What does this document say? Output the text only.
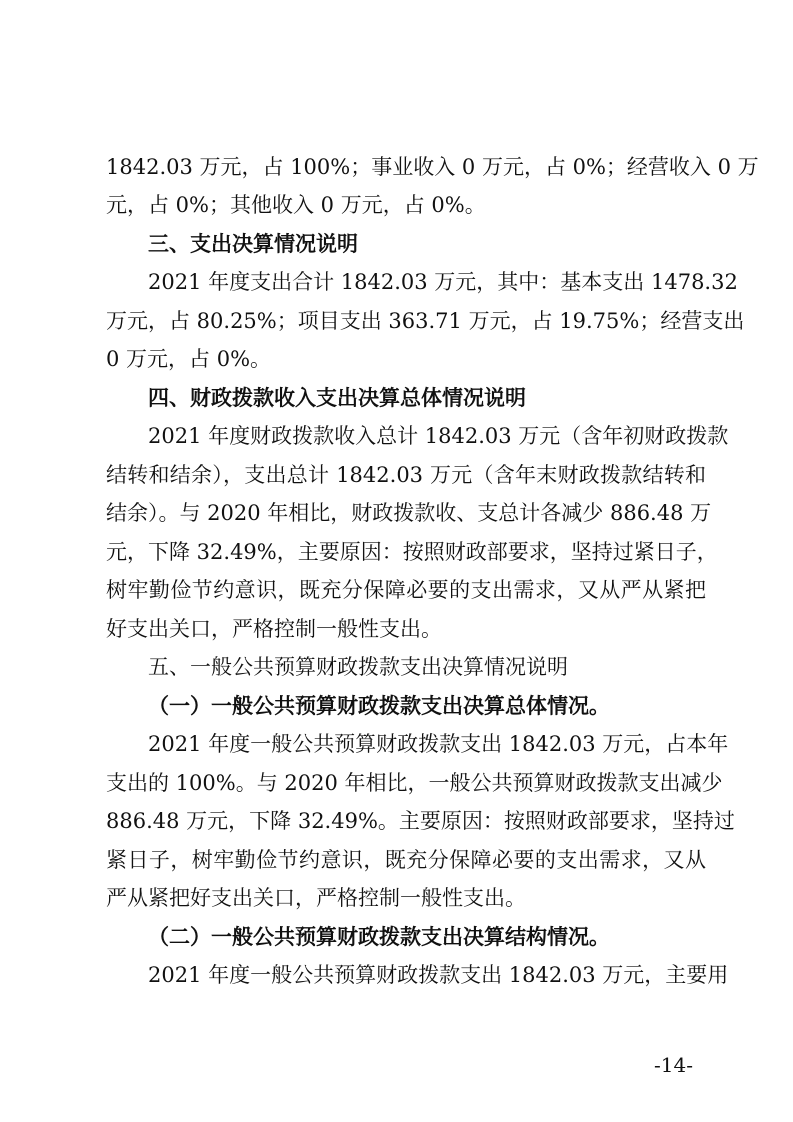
1842.03 万元，占 100%；事业收入 0 万元，占 0%；经营收入 0 万
元，占 0%；其他收入 0 万元，占 0%。
三、支出决算情况说明
2021 年度支出合计 1842.03 万元，其中：基本支出 1478.32
万元，占 80.25%；项目支出 363.71 万元，占 19.75%；经营支出
0 万元，占 0%。
四、财政拨款收入支出决算总体情况说明
2021 年度财政拨款收入总计 1842.03 万元（含年初财政拨款
结转和结余），支出总计 1842.03 万元（含年末财政拨款结转和
结余）。与 2020 年相比，财政拨款收、支总计各减少 886.48 万
元，下降 32.49%，主要原因：按照财政部要求，坚持过紧日子，
树牢勤俭节约意识，既充分保障必要的支出需求，又从严从紧把
好支出关口，严格控制一般性支出。
五、一般公共预算财政拨款支出决算情况说明
（一）一般公共预算财政拨款支出决算总体情况。
2021 年度一般公共预算财政拨款支出 1842.03 万元，占本年
支出的 100%。与 2020 年相比，一般公共预算财政拨款支出减少
886.48 万元，下降 32.49%。主要原因：按照财政部要求，坚持过
紧日子，树牢勤俭节约意识，既充分保障必要的支出需求，又从
严从紧把好支出关口，严格控制一般性支出。
（二）一般公共预算财政拨款支出决算结构情况。
2021 年度一般公共预算财政拨款支出 1842.03 万元，主要用
-14-
